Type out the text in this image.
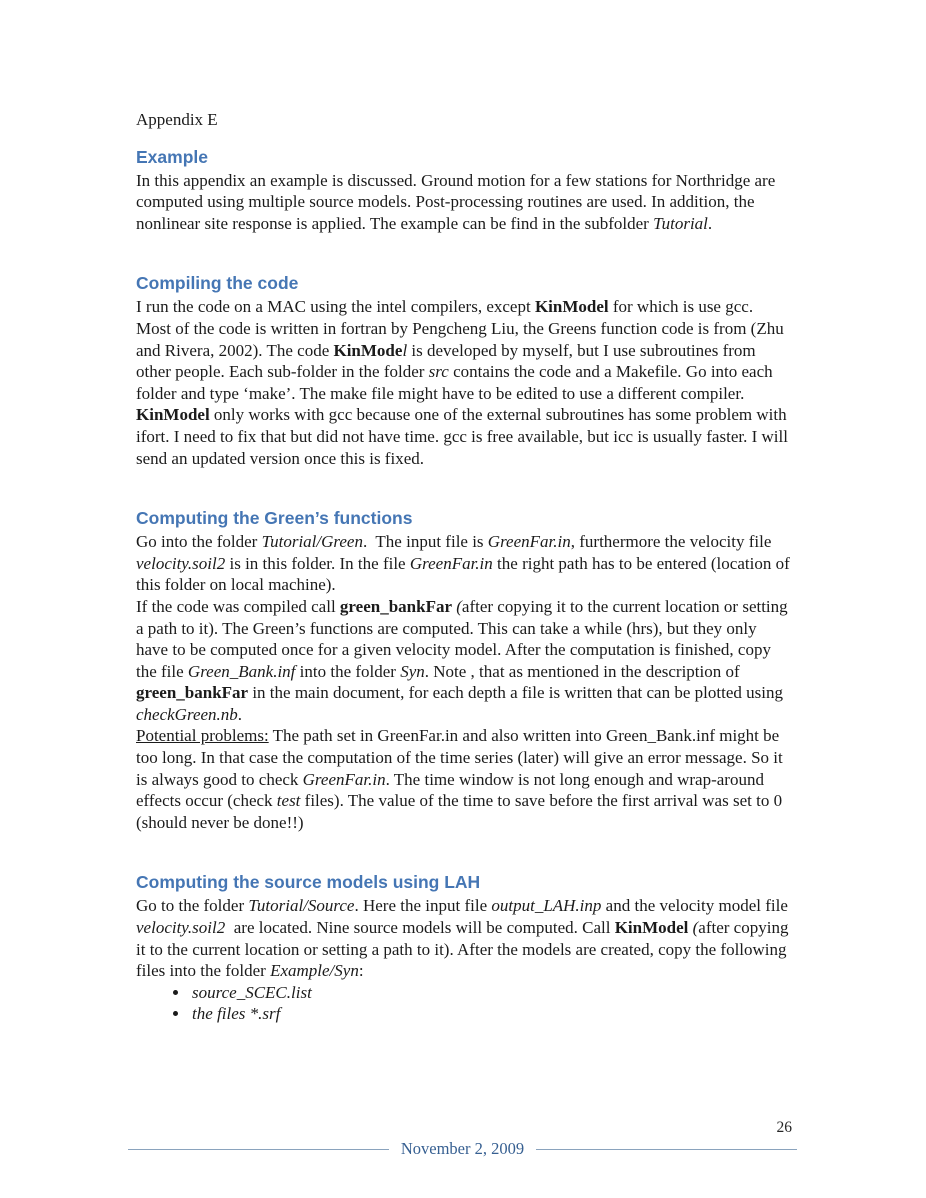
Appendix E
Example

In this appendix an example is discussed. Ground motion for a few stations for Northridge are computed using multiple source models. Post-processing routines are used. In addition, the nonlinear site response is applied. The example can be find in the subfolder Tutorial.

Compiling the code

I run the code on a MAC using the intel compilers, except KinModel for which is use gcc. Most of the code is written in fortran by Pengcheng Liu, the Greens function code is from (Zhu and Rivera, 2002). The code KinModel is developed by myself, but I use subroutines from other people. Each sub-folder in the folder src contains the code and a Makefile. Go into each folder and type ‘make’. The make file might have to be edited to use a different compiler. KinModel only works with gcc because one of the external subroutines has some problem with ifort. I need to fix that but did not have time. gcc is free available, but icc is usually faster. I will send an updated version once this is fixed.

Computing the Green’s functions

Go into the folder Tutorial/Green.  The input file is GreenFar.in, furthermore the velocity file velocity.soil2 is in this folder. In the file GreenFar.in the right path has to be entered (location of this folder on local machine).

If the code was compiled call green_bankFar (after copying it to the current location or setting a path to it). The Green’s functions are computed. This can take a while (hrs), but they only have to be computed once for a given velocity model. After the computation is finished, copy the file Green_Bank.inf into the folder Syn. Note , that as mentioned in the description of green_bankFar in the main document, for each depth a file is written that can be plotted using checkGreen.nb.

Potential problems: The path set in GreenFar.in and also written into Green_Bank.inf might be too long. In that case the computation of the time series (later) will give an error message. So it is always good to check GreenFar.in. The time window is not long enough and wrap-around effects occur (check test files). The value of the time to save before the first arrival was set to 0 (should never be done!!)

Computing the source models using LAH

Go to the folder Tutorial/Source. Here the input file output_LAH.inp and the velocity model file velocity.soil2  are located. Nine source models will be computed. Call KinModel (after copying it to the current location or setting a path to it). After the models are created, copy the following files into the folder Example/Syn:

• source_SCEC.list
• the files *.srf
26
November 2, 2009
